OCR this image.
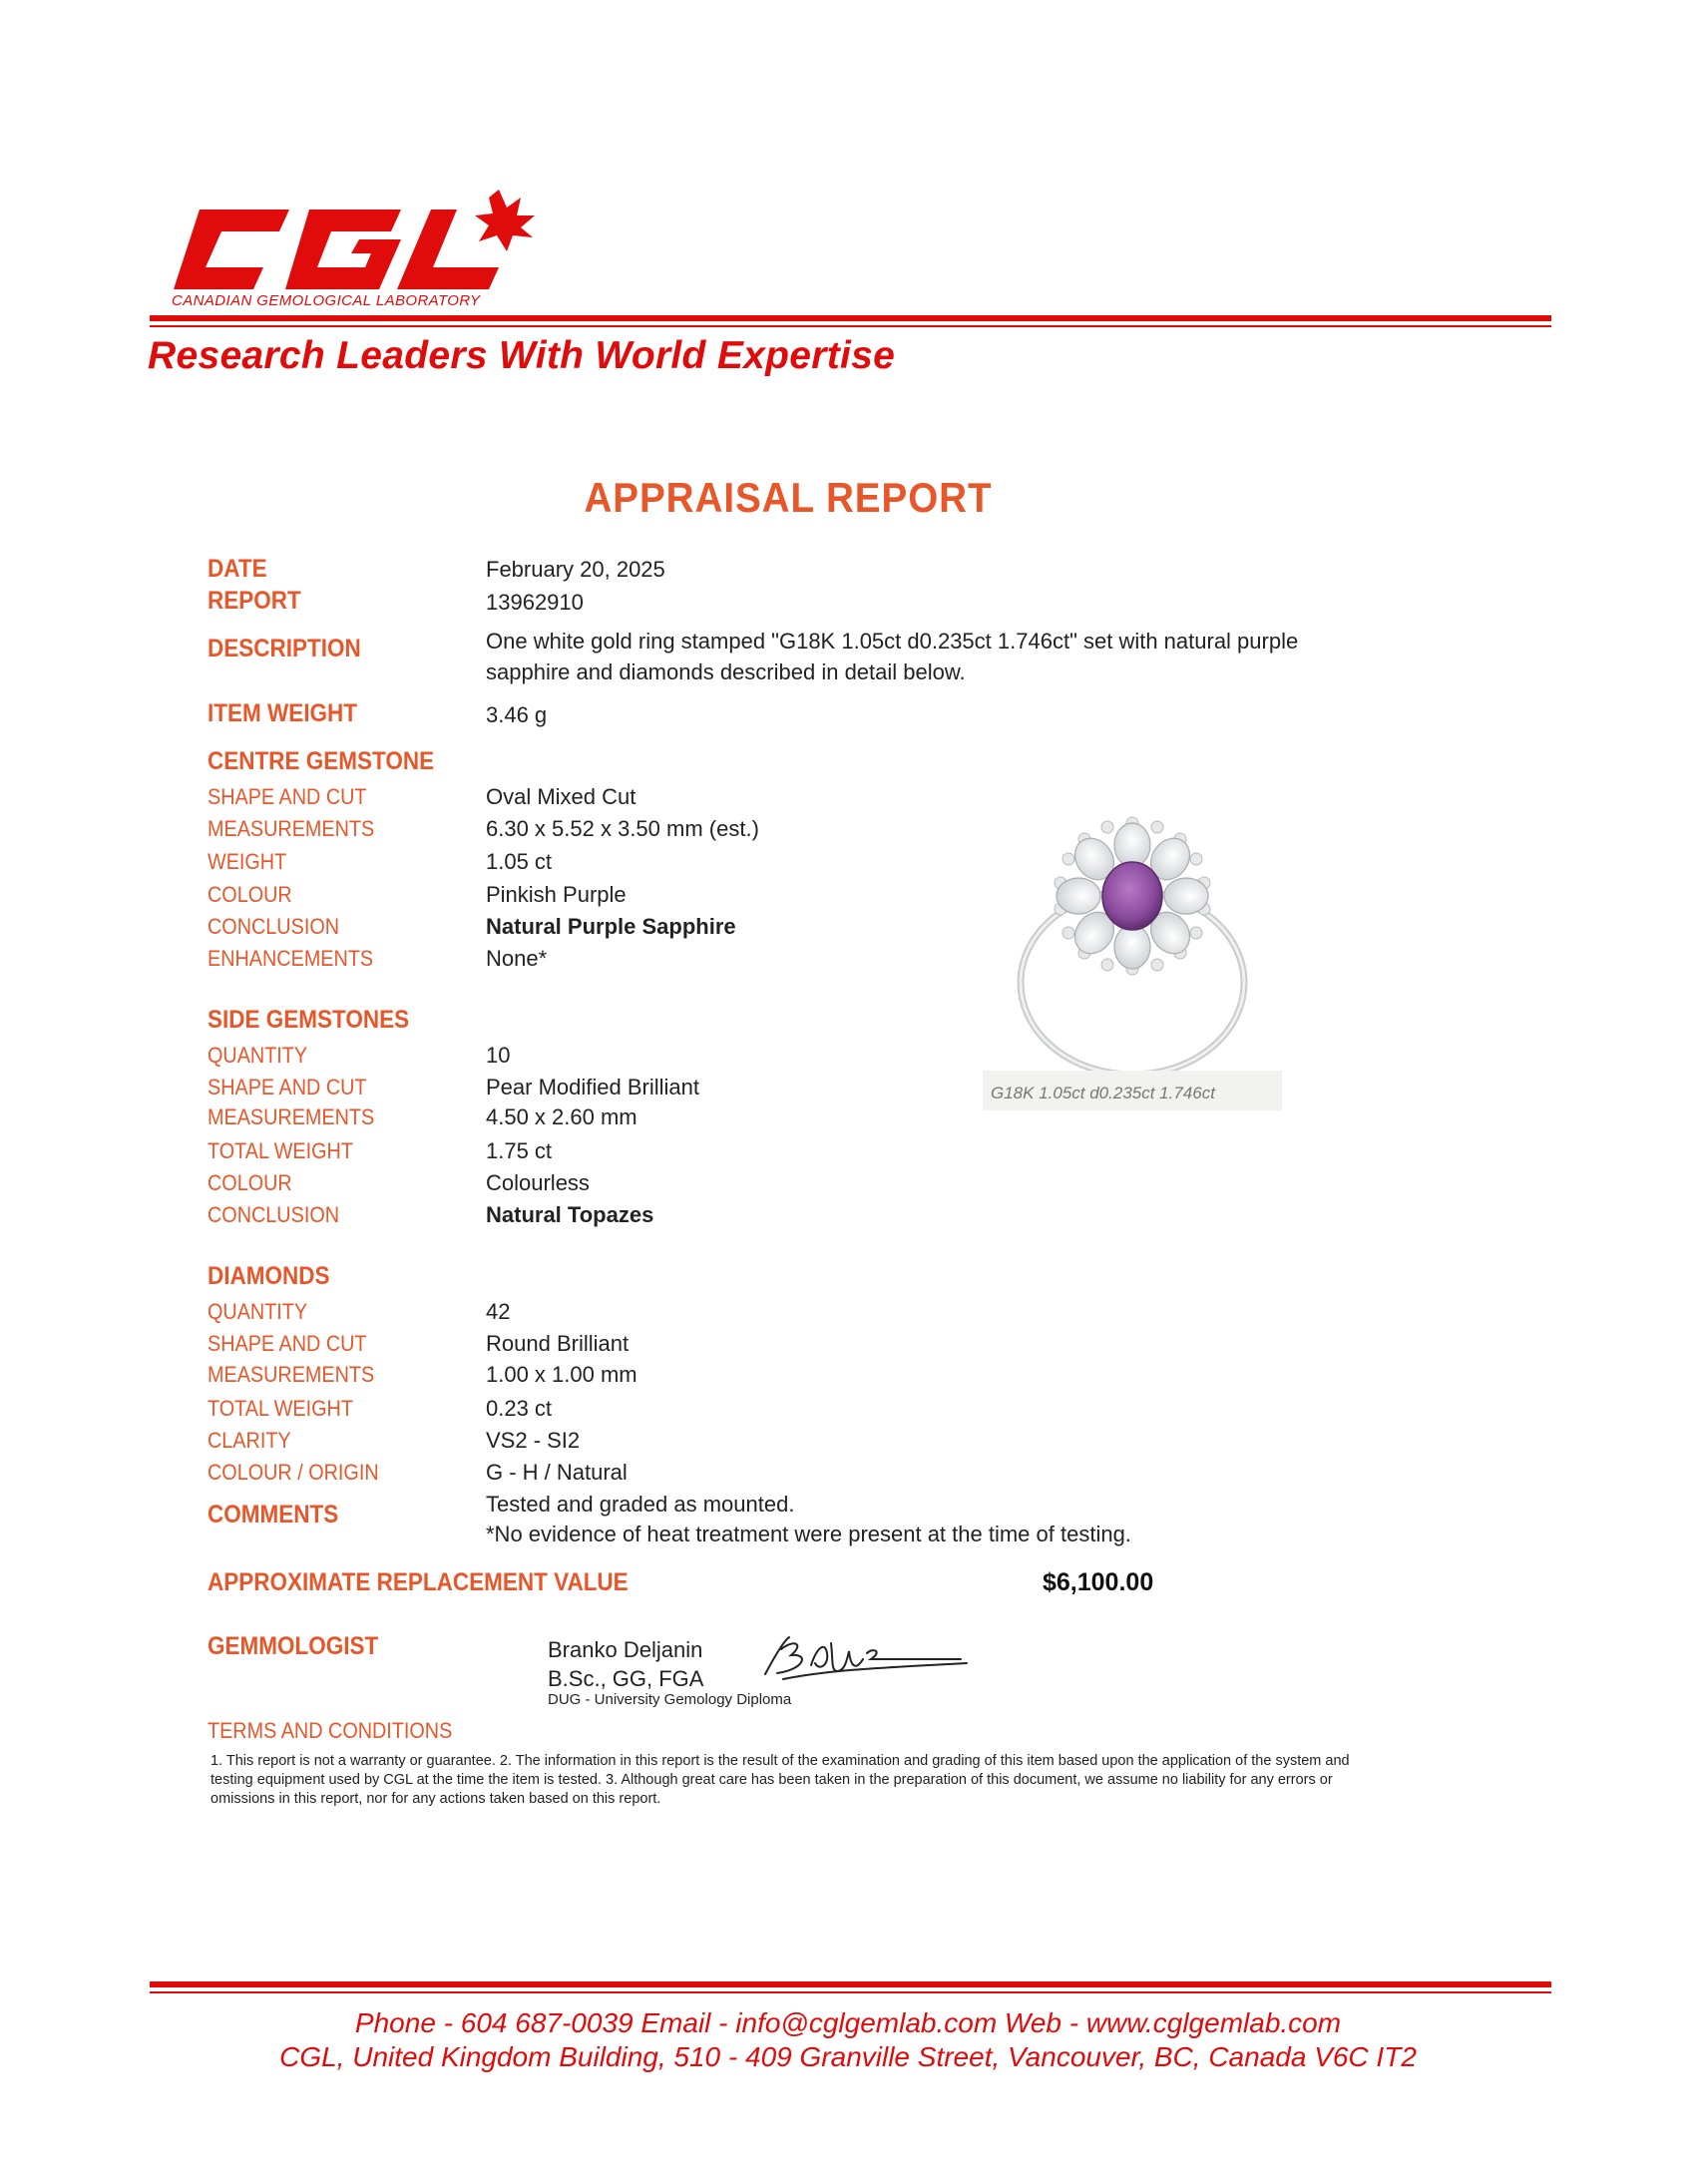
CANADIAN GEMOLOGICAL LABORATORY
Research Leaders With World Expertise
APPRAISAL REPORT
DATE	February 20, 2025
REPORT	13962910
DESCRIPTION	One white gold ring stamped "G18K 1.05ct d0.235ct 1.746ct" set with natural purple sapphire and diamonds described in detail below.
ITEM WEIGHT	3.46 g
CENTRE GEMSTONE
SHAPE AND CUT	Oval Mixed Cut
MEASUREMENTS	6.30 x 5.52 x 3.50 mm (est.)
WEIGHT	1.05 ct
COLOUR	Pinkish Purple
CONCLUSION	Natural Purple Sapphire
ENHANCEMENTS	None*
SIDE GEMSTONES
QUANTITY	10
SHAPE AND CUT	Pear Modified Brilliant
MEASUREMENTS	4.50 x 2.60 mm
TOTAL WEIGHT	1.75 ct
COLOUR	Colourless
CONCLUSION	Natural Topazes
DIAMONDS
QUANTITY	42
SHAPE AND CUT	Round Brilliant
MEASUREMENTS	1.00 x 1.00 mm
TOTAL WEIGHT	0.23 ct
CLARITY	VS2 - SI2
COLOUR / ORIGIN	G - H / Natural
COMMENTS	Tested and graded as mounted.
*No evidence of heat treatment were present at the time of testing.
APPROXIMATE REPLACEMENT VALUE	$6,100.00
GEMMOLOGIST	Branko Deljanin
B.Sc., GG, FGA
DUG - University Gemology Diploma
TERMS AND CONDITIONS
1. This report is not a warranty or guarantee. 2. The information in this report is the result of the examination and grading of this item based upon the application of the system and testing equipment used by CGL at the time the item is tested. 3. Although great care has been taken in the preparation of this document, we assume no liability for any errors or omissions in this report, nor for any actions taken based on this report.
G18K 1.05ct d0.235ct 1.746ct
Phone - 604 687-0039 Email - info@cglgemlab.com Web - www.cglgemlab.com
CGL, United Kingdom Building, 510 - 409 Granville Street, Vancouver, BC, Canada V6C IT2
